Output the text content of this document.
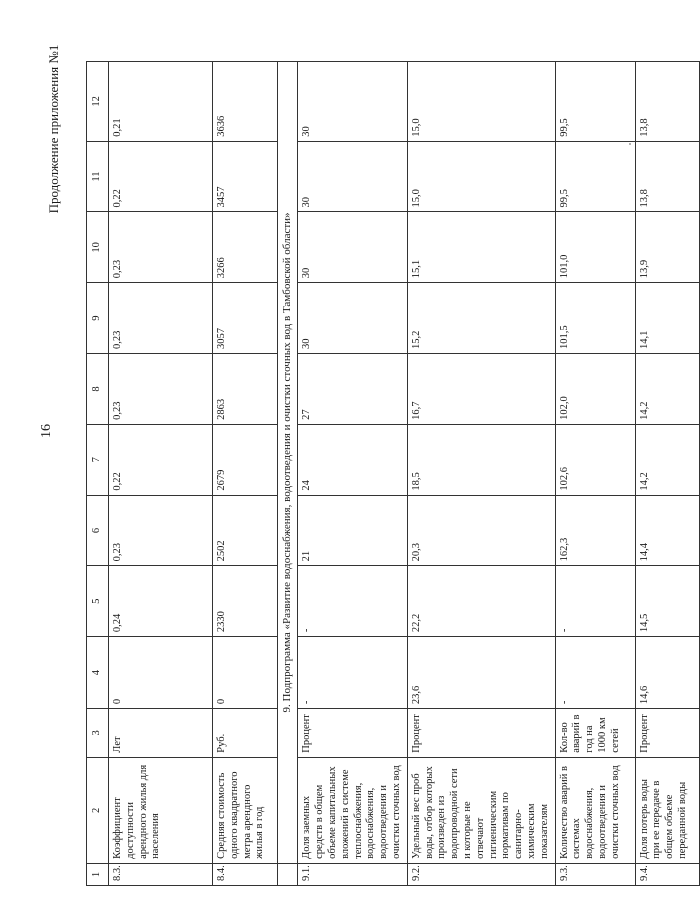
16
Продолжение приложения №1
1	2	3	4	5	6	7	8	9	10	11	12
8.3.	Коэффициент доступности арендного жилья для населения	Лет	0	0,24	0,23	0,22	0,23	0,23	0,23	0,22	0,21
8.4.	Средняя стоимость одного квадратного метра арендного жилья в год	Руб.	0	2330	2502	2679	2863	3057	3266	3457	3636
	9. Подпрограмма «Развитие водоснабжения, водоотведения и очистки сточных вод в Тамбовской области»										
9.1.	Доля заемных средств в общем объеме капитальных вложений в системе теплоснабжения, водоснабжения, водоотведения и очистки сточных вод	Процент	-	-	21	24	27	30	30	30	30
9.2.	Удельный вес проб воды, отбор которых произведен из водопроводной сети и которые не отвечают гигиеническим нормативам по санитарно-химическим показателям	Процент	23,6	22,2	20,3	18,5	16,7	15,2	15,1	15,0	15,0
9.3.	Количество аварий в системах водоснабжения, водоотведения и очистки сточных вод	Кол-во аварий в год на 1000 км сетей	-	-	162,3	102,6	102,0	101,5	101,0	99,5	99,5
9.4.	Доля потерь воды при ее передаче в общем объеме переданной воды	Процент	14,6	14,5	14,4	14,2	14,2	14,1	13,9	13,8	13,8
